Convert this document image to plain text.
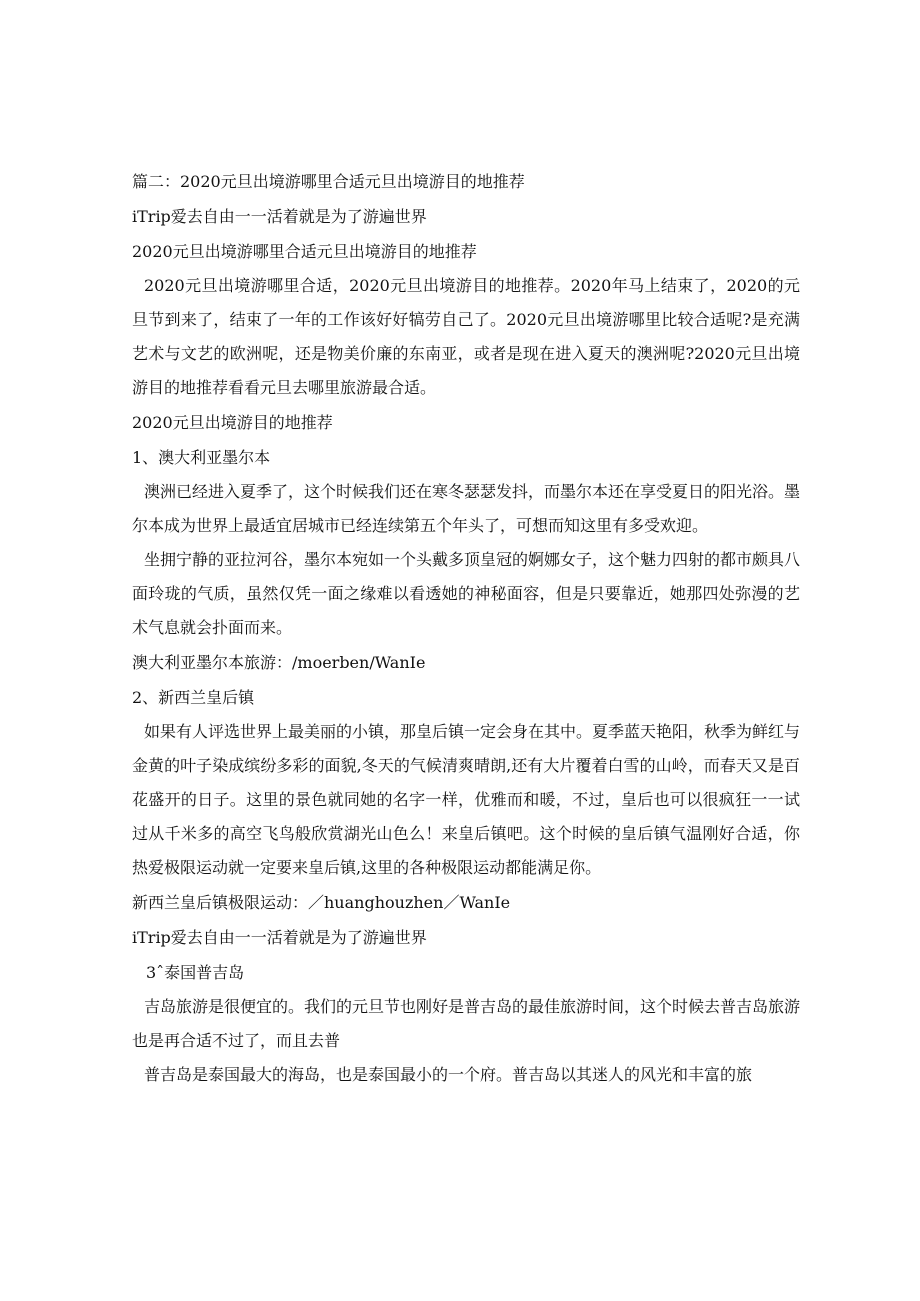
篇二：2020元旦出境游哪里合适元旦出境游目的地推荐

iTrip爱去自由一一活着就是为了游遍世界

2020元旦出境游哪里合适元旦出境游目的地推荐

2020元旦出境游哪里合适，2020元旦出境游目的地推荐。2020年马上结束了，2020的元旦节到来了，结束了一年的工作该好好犒劳自己了。2020元旦出境游哪里比较合适呢?是充满艺术与文艺的欧洲呢，还是物美价廉的东南亚，或者是现在进入夏天的澳洲呢?2020元旦出境游目的地推荐看看元旦去哪里旅游最合适。

2020元旦出境游目的地推荐

1、澳大利亚墨尔本

澳洲已经进入夏季了，这个时候我们还在寒冬瑟瑟发抖，而墨尔本还在享受夏日的阳光浴。墨尔本成为世界上最适宜居城市已经连续第五个年头了，可想而知这里有多受欢迎。

坐拥宁静的亚拉河谷，墨尔本宛如一个头戴多顶皇冠的婀娜女子，这个魅力四射的都市颇具八面玲珑的气质，虽然仅凭一面之缘难以看透她的神秘面容，但是只要靠近，她那四处弥漫的艺术气息就会扑面而来。

澳大利亚墨尔本旅游：/moerben/WanIe

2、新西兰皇后镇

如果有人评选世界上最美丽的小镇，那皇后镇一定会身在其中。夏季蓝天艳阳，秋季为鲜红与金黄的叶子染成缤纷多彩的面貌,冬天的气候清爽晴朗,还有大片覆着白雪的山岭，而春天又是百花盛开的日子。这里的景色就同她的名字一样，优雅而和暖，不过，皇后也可以很疯狂一一试过从千米多的高空飞鸟般欣赏湖光山色么！来皇后镇吧。这个时候的皇后镇气温刚好合适，你热爱极限运动就一定要来皇后镇,这里的各种极限运动都能满足你。

新西兰皇后镇极限运动：／huanghouzhen／WanIe

iTrip爱去自由一一活着就是为了游遍世界

3ˆ泰国普吉岛

吉岛旅游是很便宜的。我们的元旦节也刚好是普吉岛的最佳旅游时间，这个时候去普吉岛旅游也是再合适不过了，而且去普

普吉岛是泰国最大的海岛，也是泰国最小的一个府。普吉岛以其迷人的风光和丰富的旅
